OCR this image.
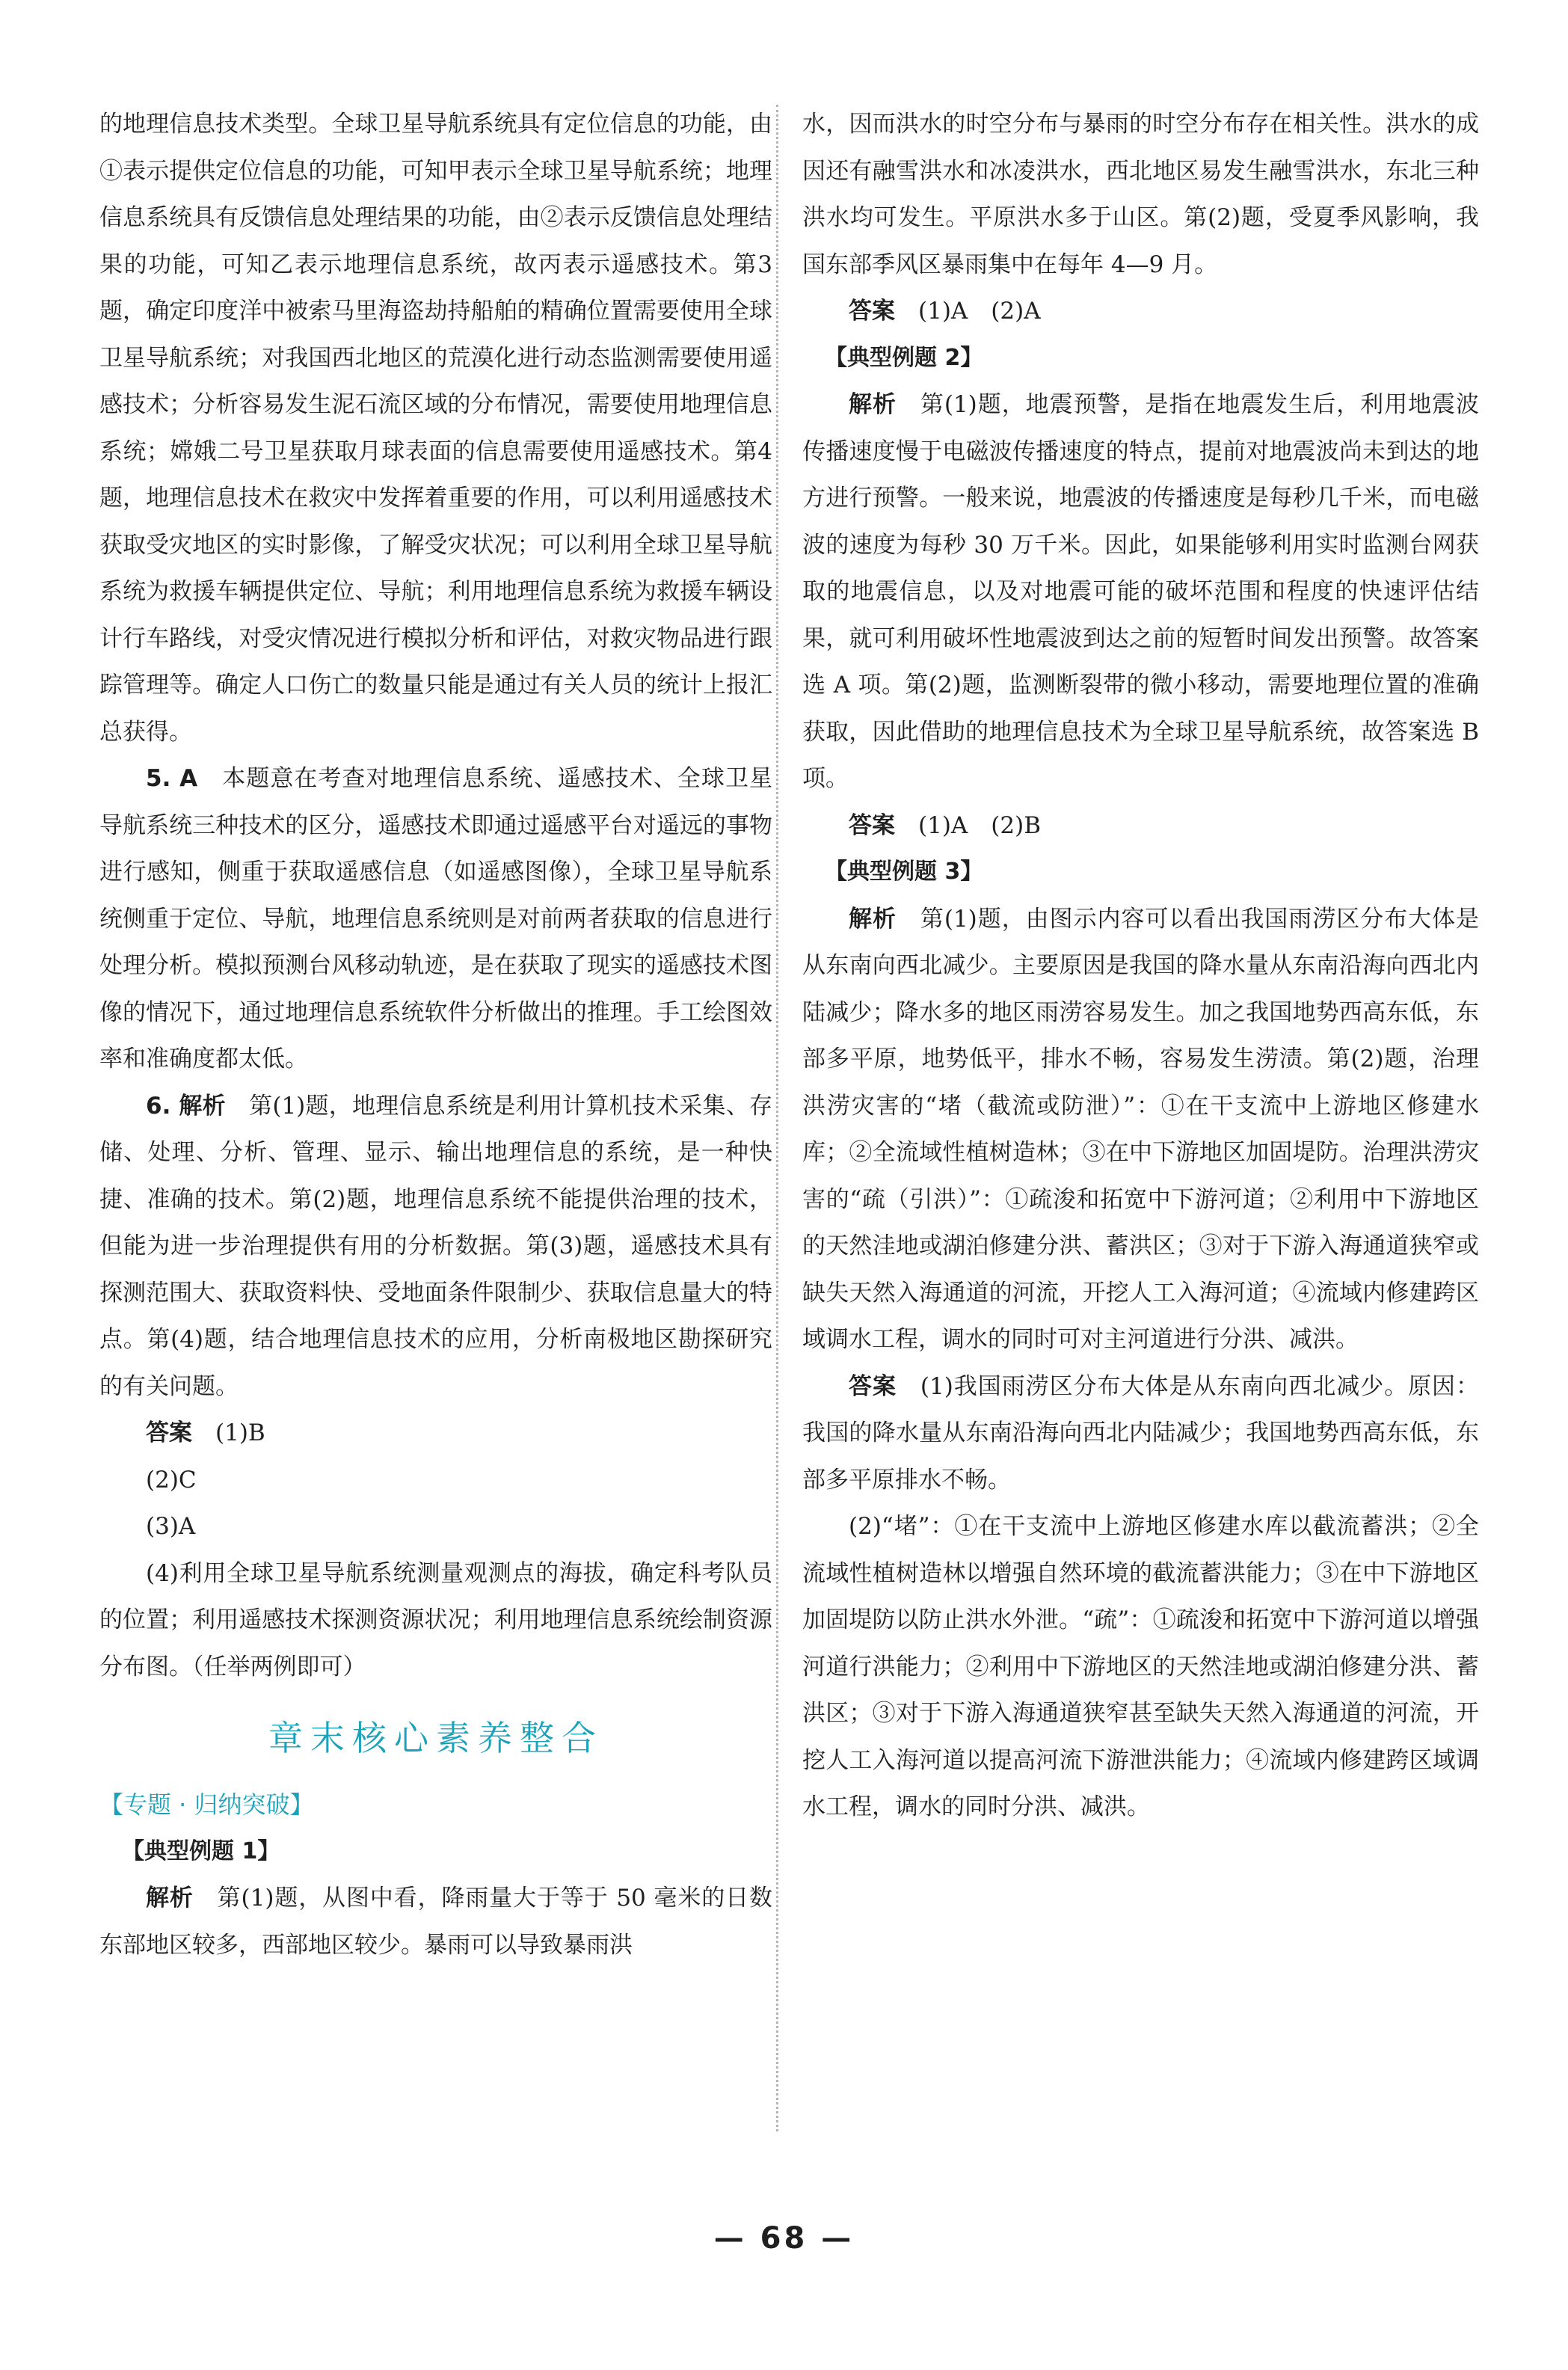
的地理信息技术类型。全球卫星导航系统具有定位信息的功能，由①表示提供定位信息的功能，可知甲表示全球卫星导航系统；地理信息系统具有反馈信息处理结果的功能，由②表示反馈信息处理结果的功能，可知乙表示地理信息系统，故丙表示遥感技术。第3题，确定印度洋中被索马里海盗劫持船舶的精确位置需要使用全球卫星导航系统；对我国西北地区的荒漠化进行动态监测需要使用遥感技术；分析容易发生泥石流区域的分布情况，需要使用地理信息系统；嫦娥二号卫星获取月球表面的信息需要使用遥感技术。第4题，地理信息技术在救灾中发挥着重要的作用，可以利用遥感技术获取受灾地区的实时影像，了解受灾状况；可以利用全球卫星导航系统为救援车辆提供定位、导航；利用地理信息系统为救援车辆设计行车路线，对受灾情况进行模拟分析和评估，对救灾物品进行跟踪管理等。确定人口伤亡的数量只能是通过有关人员的统计上报汇总获得。

5. A　 本题意在考查对地理信息系统、遥感技术、全球卫星导航系统三种技术的区分，遥感技术即通过遥感平台对遥远的事物进行感知，侧重于获取遥感信息（如遥感图像），全球卫星导航系统侧重于定位、导航，地理信息系统则是对前两者获取的信息进行处理分析。模拟预测台风移动轨迹，是在获取了现实的遥感技术图像的情况下，通过地理信息系统软件分析做出的推理。手工绘图效率和准确度都太低。

6. 解析　 第(1)题，地理信息系统是利用计算机技术采集、存储、处理、分析、管理、显示、输出地理信息的系统，是一种快捷、准确的技术。第(2)题，地理信息系统不能提供治理的技术，但能为进一步治理提供有用的分析数据。第(3)题，遥感技术具有探测范围大、获取资料快、受地面条件限制少、获取信息量大的特点。第(4)题，结合地理信息技术的应用，分析南极地区勘探研究的有关问题。

答案　 (1)B

(2)C

(3)A

(4)利用全球卫星导航系统测量观测点的海拔，确定科考队员的位置；利用遥感技术探测资源状况；利用地理信息系统绘制资源分布图。（任举两例即可）

章末核心素养整合
【专题 · 归纳突破】
【典型例题 1】

解析　 第(1)题，从图中看，降雨量大于等于 50 毫米的日数东部地区较多，西部地区较少。暴雨可以导致暴雨洪

水，因而洪水的时空分布与暴雨的时空分布存在相关性。洪水的成因还有融雪洪水和冰凌洪水，西北地区易发生融雪洪水，东北三种洪水均可发生。平原洪水多于山区。第(2)题，受夏季风影响，我国东部季风区暴雨集中在每年 4—9 月。

答案　 (1)A　(2)A

【典型例题 2】

解析　 第(1)题，地震预警，是指在地震发生后，利用地震波传播速度慢于电磁波传播速度的特点，提前对地震波尚未到达的地方进行预警。一般来说，地震波的传播速度是每秒几千米，而电磁波的速度为每秒 30 万千米。因此，如果能够利用实时监测台网获取的地震信息，以及对地震可能的破坏范围和程度的快速评估结果，就可利用破坏性地震波到达之前的短暂时间发出预警。故答案选 A 项。第(2)题，监测断裂带的微小移动，需要地理位置的准确获取，因此借助的地理信息技术为全球卫星导航系统，故答案选 B 项。

答案　 (1)A　(2)B

【典型例题 3】

解析　 第(1)题，由图示内容可以看出我国雨涝区分布大体是从东南向西北减少。主要原因是我国的降水量从东南沿海向西北内陆减少；降水多的地区雨涝容易发生。加之我国地势西高东低，东部多平原，地势低平，排水不畅，容易发生涝渍。第(2)题，治理洪涝灾害的“堵（截流或防泄）”：①在干支流中上游地区修建水库；②全流域性植树造林；③在中下游地区加固堤防。治理洪涝灾害的“疏（引洪）”：①疏浚和拓宽中下游河道；②利用中下游地区的天然洼地或湖泊修建分洪、蓄洪区；③对于下游入海通道狭窄或缺失天然入海通道的河流，开挖人工入海河道；④流域内修建跨区域调水工程，调水的同时可对主河道进行分洪、减洪。

答案　 (1)我国雨涝区分布大体是从东南向西北减少。原因：我国的降水量从东南沿海向西北内陆减少；我国地势西高东低，东部多平原排水不畅。

(2)“堵”：①在干支流中上游地区修建水库以截流蓄洪；②全流域性植树造林以增强自然环境的截流蓄洪能力；③在中下游地区加固堤防以防止洪水外泄。“疏”：①疏浚和拓宽中下游河道以增强河道行洪能力；②利用中下游地区的天然洼地或湖泊修建分洪、蓄洪区；③对于下游入海通道狭窄甚至缺失天然入海通道的河流，开挖人工入海河道以提高河流下游泄洪能力；④流域内修建跨区域调水工程，调水的同时分洪、减洪。

— 68 —
